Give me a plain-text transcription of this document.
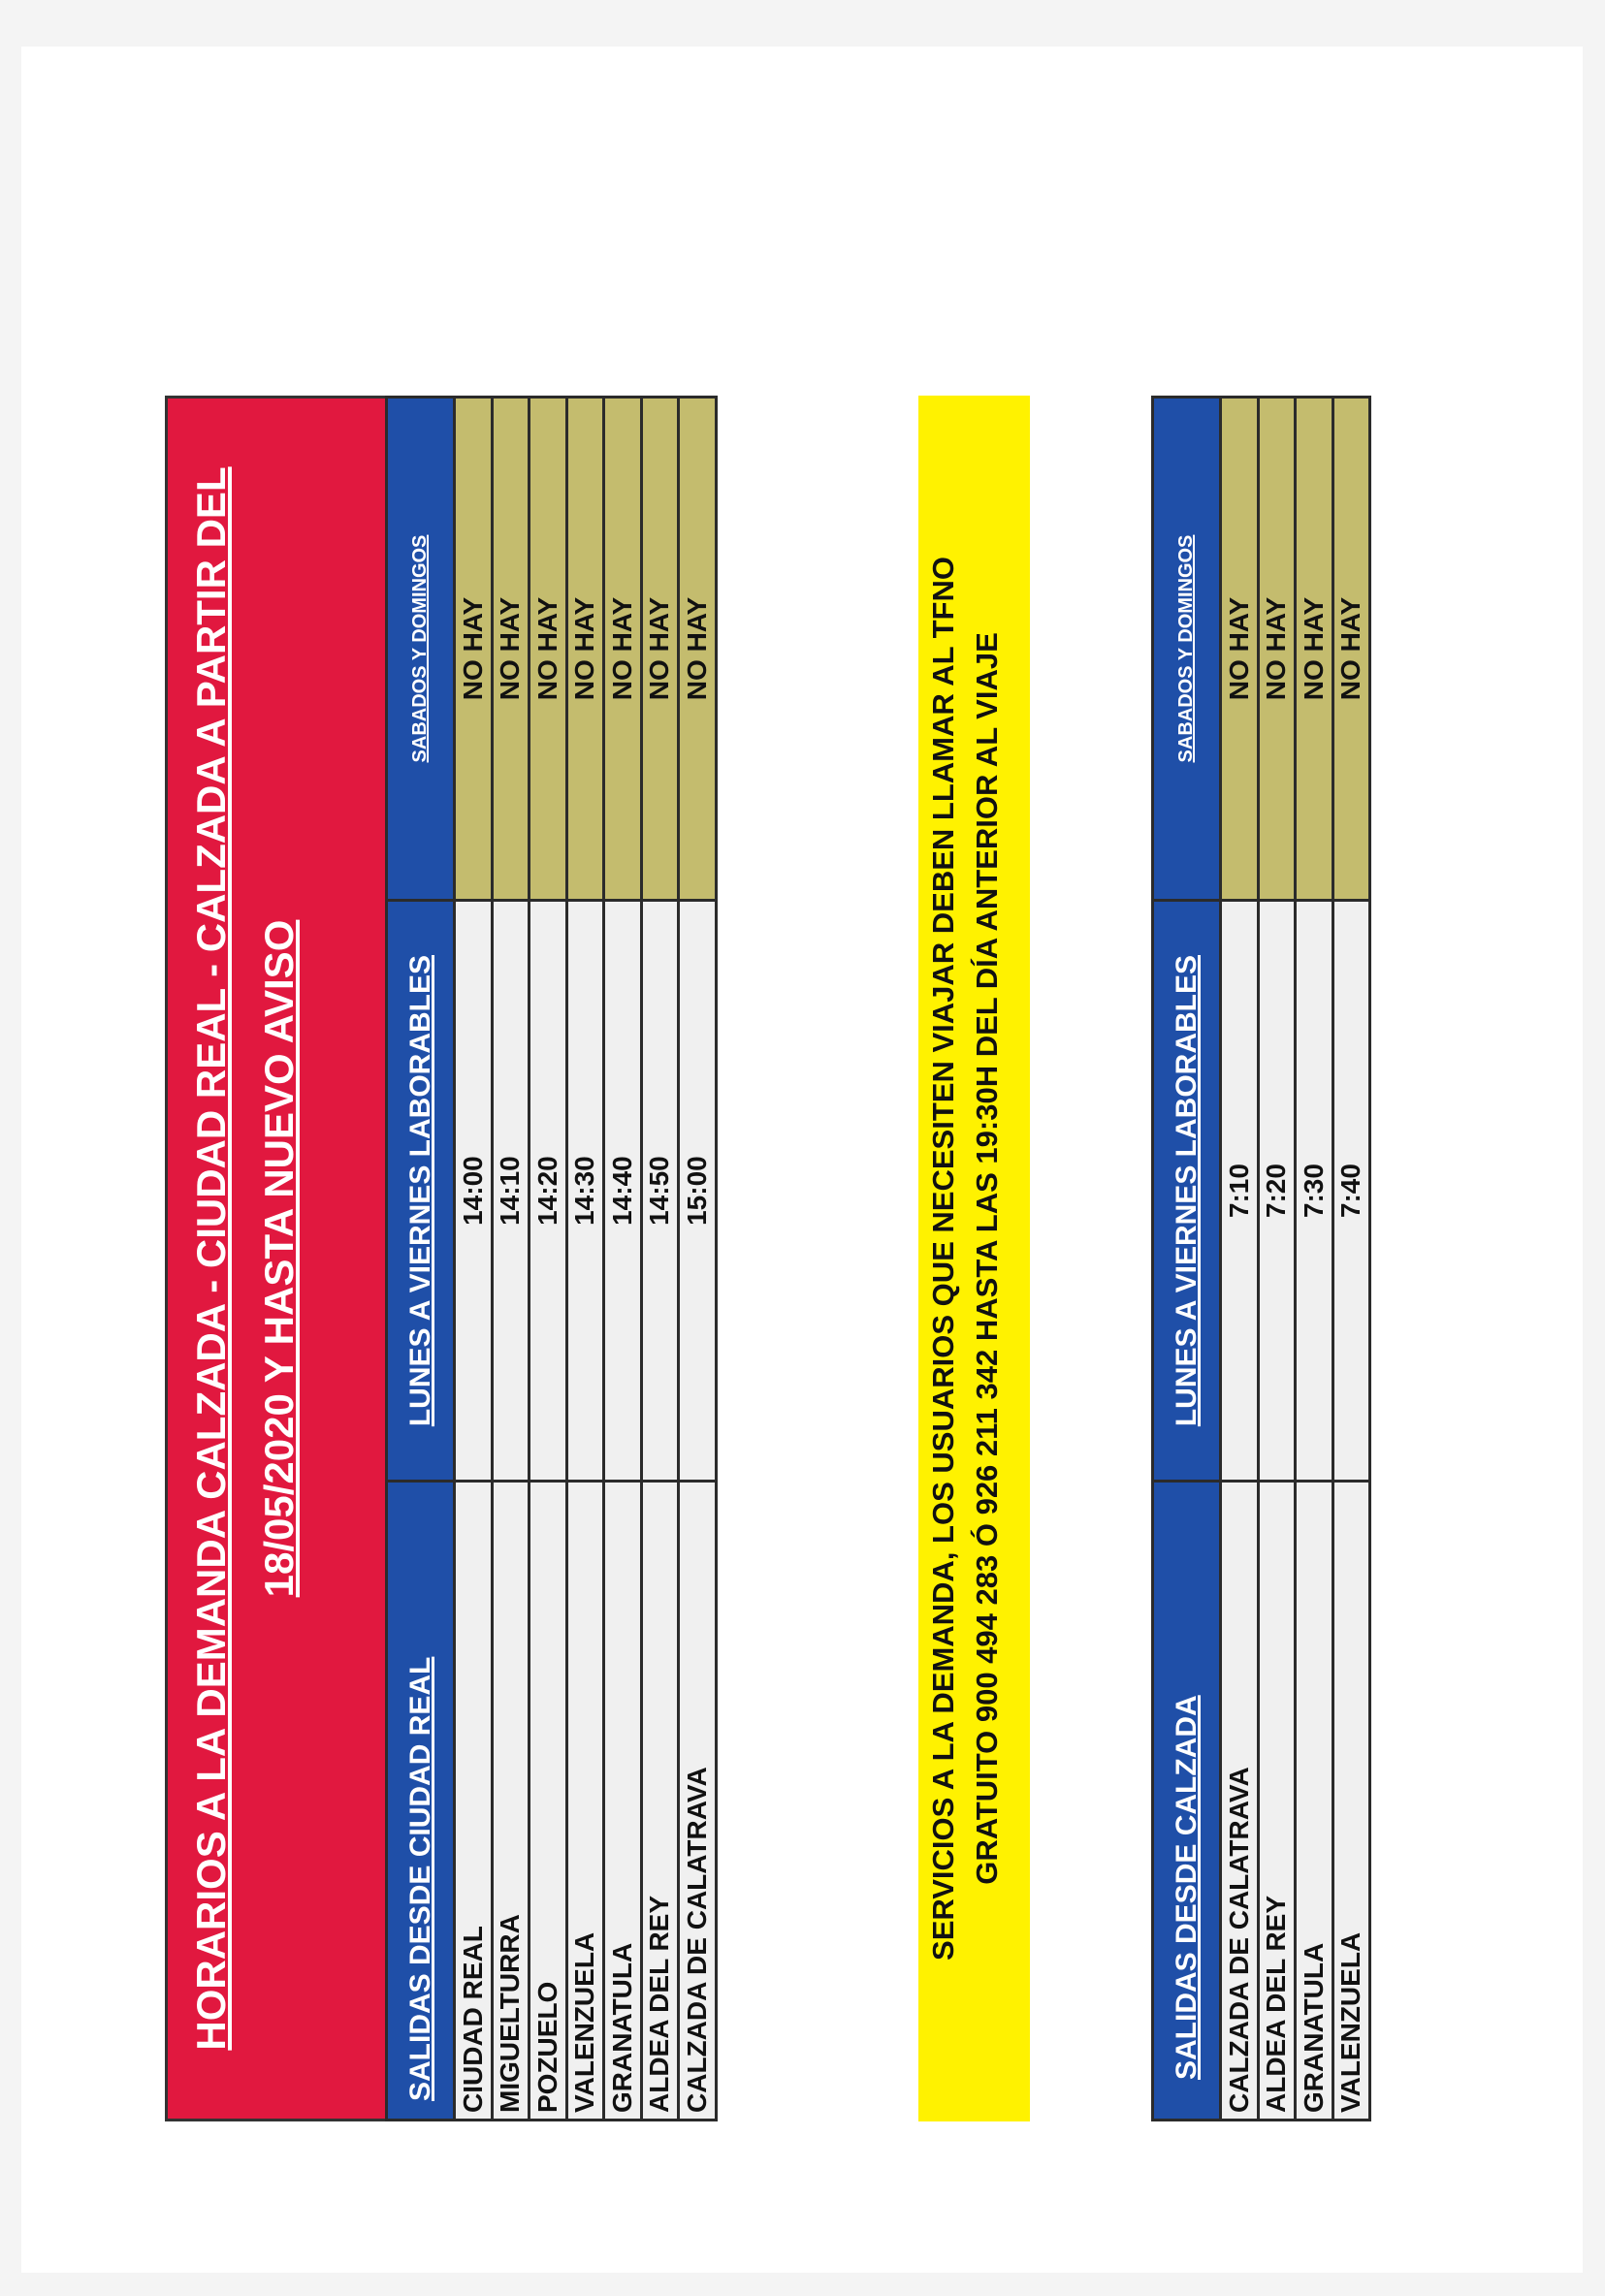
HORARIOS A LA DEMANDA CALZADA - CIUDAD REAL - CALZADA A PARTIR DEL 18/05/2020 Y HASTA NUEVO AVISO
SALIDAS DESDE CIUDAD REAL	LUNES A VIERNES LABORABLES	SABADOS Y DOMINGOS
CIUDAD REAL	14:00	NO HAY
MIGUELTURRA	14:10	NO HAY
POZUELO	14:20	NO HAY
VALENZUELA	14:30	NO HAY
GRANATULA	14:40	NO HAY
ALDEA DEL REY	14:50	NO HAY
CALZADA DE CALATRAVA	15:00	NO HAY	SERVICIOS A LA DEMANDA, LOS USUARIOS QUE NECESITEN VIAJAR DEBEN LLAMAR AL TFNO GRATUITO 900 494 283 Ó 926 211 342 HASTA LAS 19:30H DEL DÍA ANTERIOR AL VIAJE
SALIDAS DESDE CALZADA	LUNES A VIERNES LABORABLES	SABADOS Y DOMINGOS
CALZADA DE CALATRAVA	7:10	NO HAY
ALDEA DEL REY	7:20	NO HAY
GRANATULA	7:30	NO HAY
VALENZUELA	7:40	NO HAY
